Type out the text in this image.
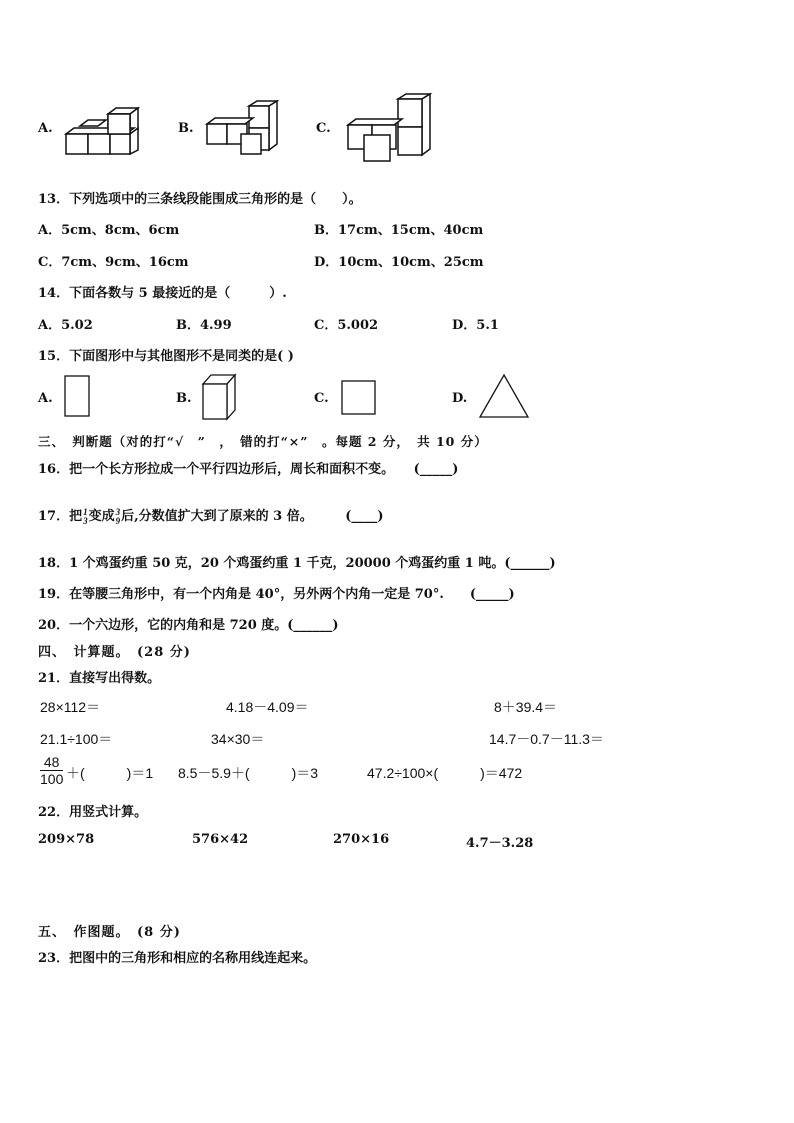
A.	B.	C.
13．下列选项中的三条线段能围成三角形的是（　　）。
A．5cm、8cm、6cm	B．17cm、15cm、40cm
C．7cm、9cm、16cm	D．10cm、10cm、25cm
14．下面各数与 5 最接近的是（　　　）.
A．5.02	B．4.99	C．5.002	D．5.1
15．下面图形中与其他图形不是同类的是( )
A.	B.	C.	D.
三、　判断题（对的打“√　”　，　错的打“×”　。每题 2 分，　共 10 分）
16．把一个长方形拉成一个平行四边形后，周长和面积不变。　　(_____)
17．把 1
3 变成 3
9 后,分数值扩大到了原来的 3 倍。　　　(____)
18．1 个鸡蛋约重 50 克，20 个鸡蛋约重 1 千克，20000 个鸡蛋约重 1 吨。(______)
19．在等腰三角形中，有一个内角是 40°，另外两个内角一定是 70°.　　(_____)
20．一个六边形，它的内角和是 720 度。(______)
四、　计算题。　(28 分)
21．直接写出得数。
28×112＝	4.18－4.09＝	8＋39.4＝
21.1÷100＝	34×30＝	14.7－0.7－11.3＝
$\frac{48}{100}$ ＋(　　　)＝1 8.5－5.9＋(　　　)＝3	47.2÷100×(　　　)＝472
22．用竖式计算。
209×78	576×42	270×16	4.7－3.28
五、　作图题。　(8 分)
23．把图中的三角形和相应的名称用线连起来。
